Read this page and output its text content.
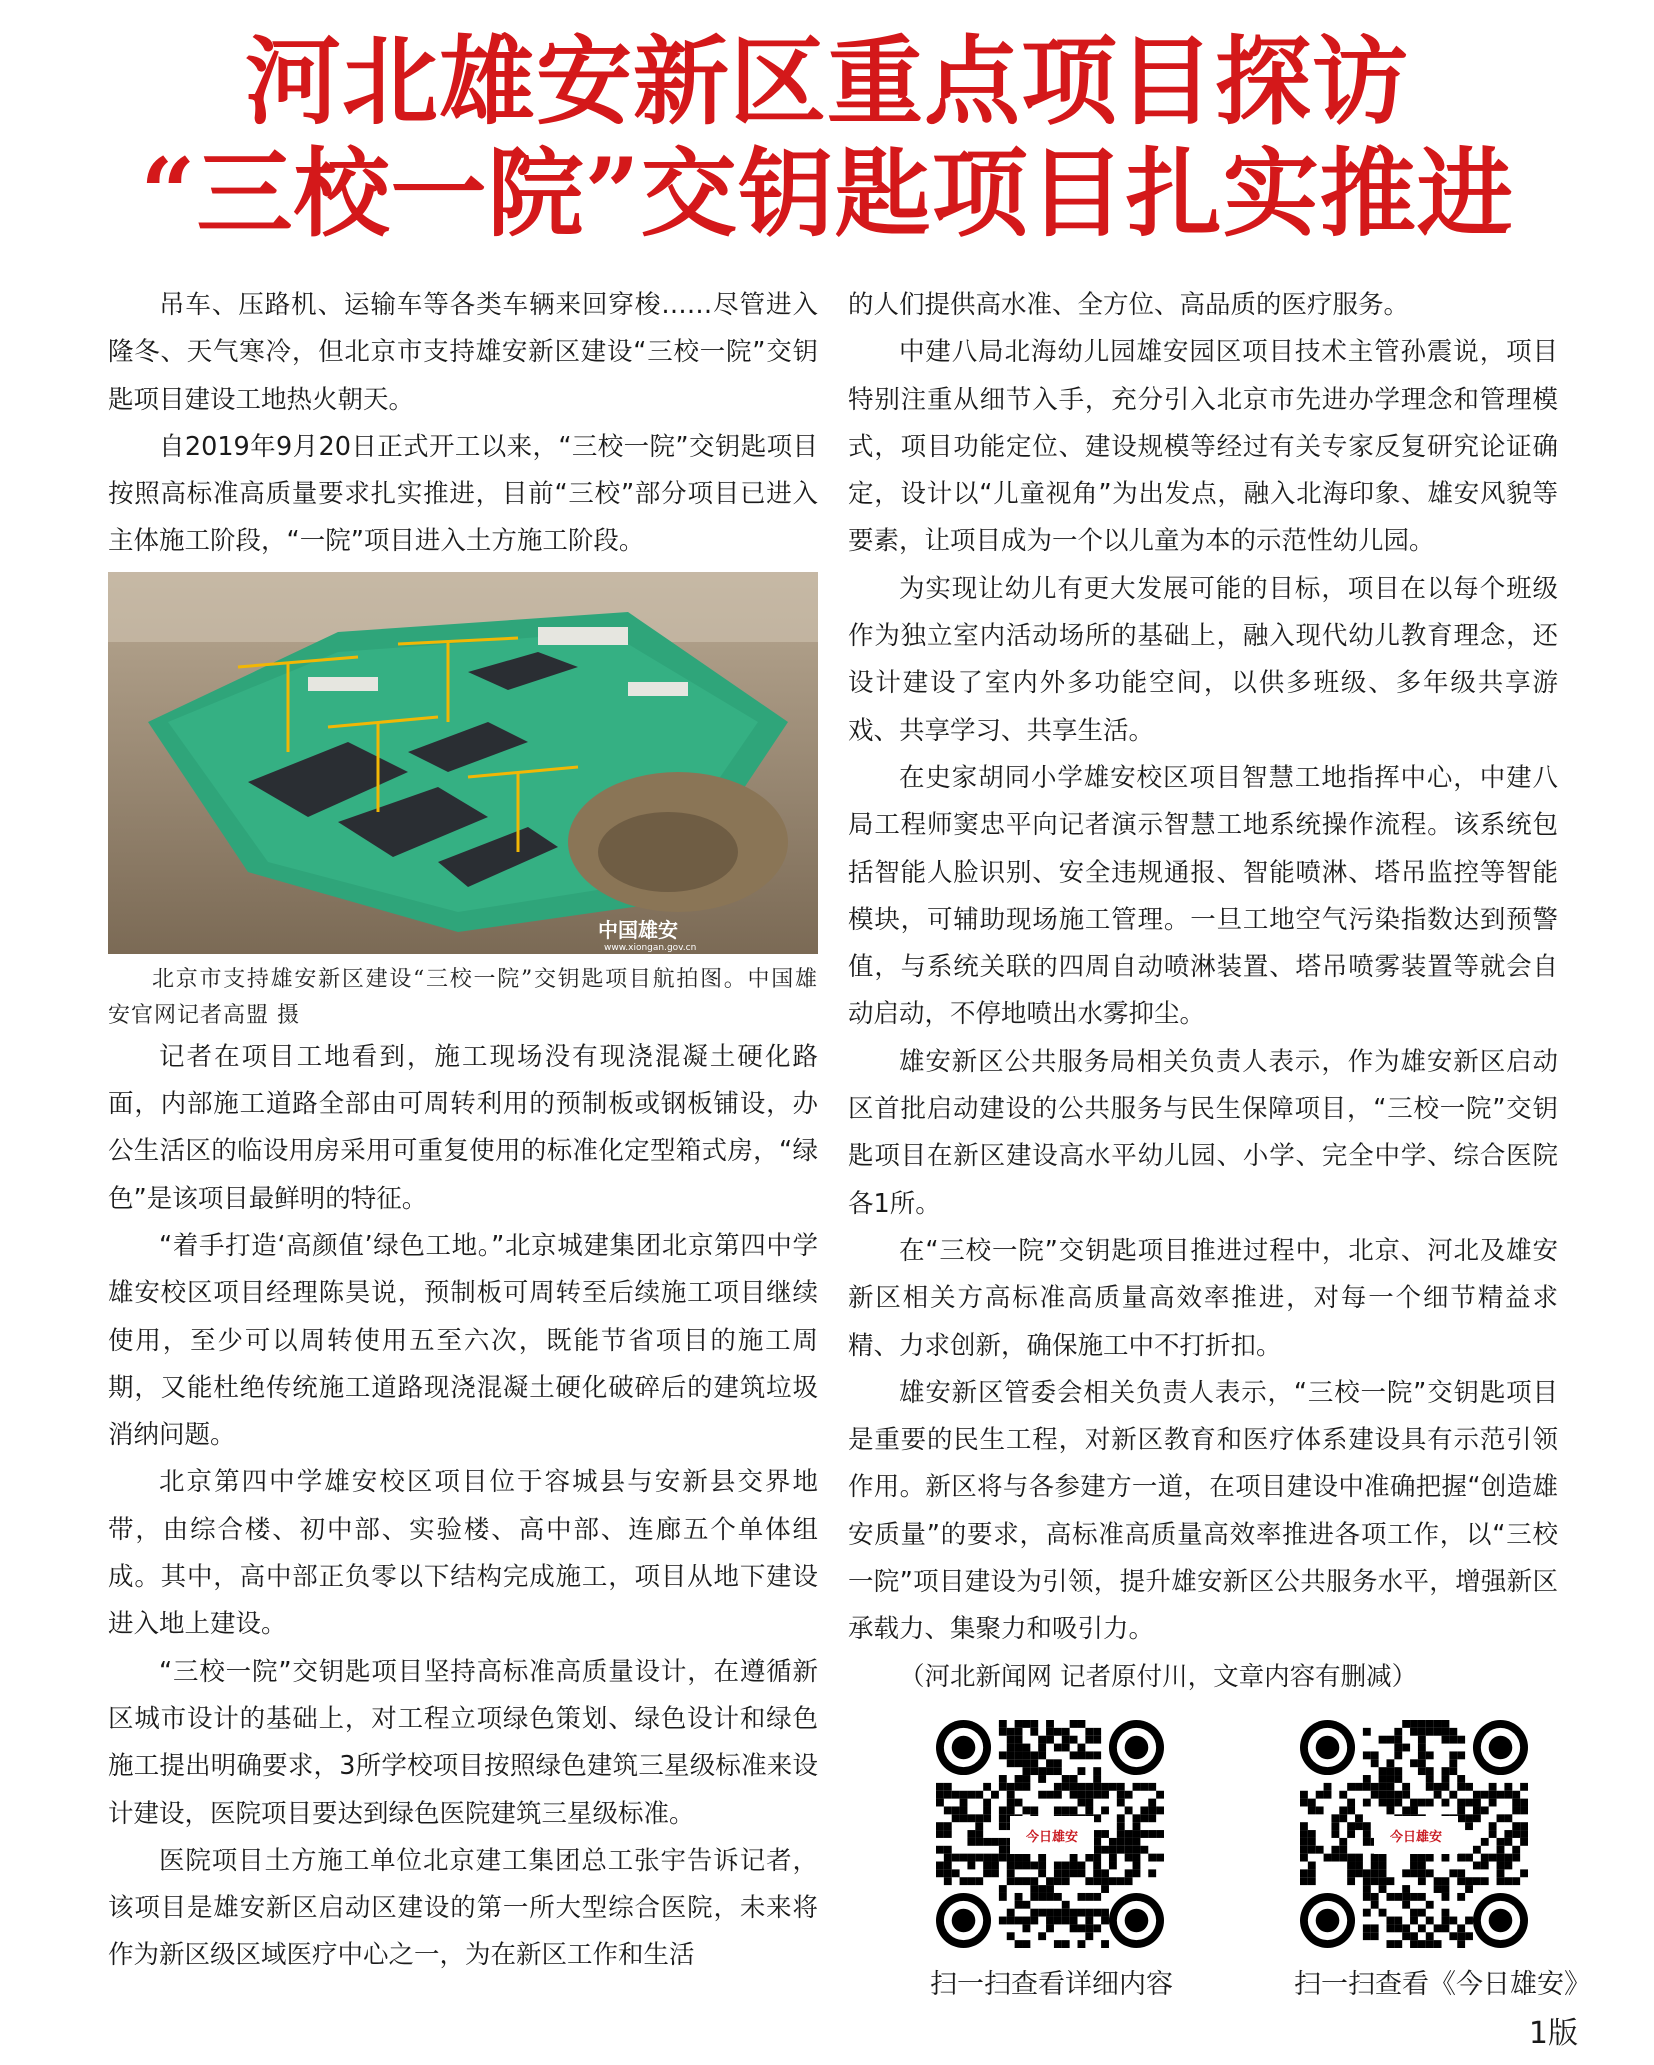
河北雄安新区重点项目探访
“三校一院”交钥匙项目扎实推进

吊车、压路机、运输车等各类车辆来回穿梭……尽管进入隆冬、天气寒冷，但北京市支持雄安新区建设“三校一院”交钥匙项目建设工地热火朝天。

自2019年9月20日正式开工以来，“三校一院”交钥匙项目按照高标准高质量要求扎实推进，目前“三校”部分项目已进入主体施工阶段，“一院”项目进入土方施工阶段。

中国雄安
www.xiongan.gov.cn

北京市支持雄安新区建设“三校一院”交钥匙项目航拍图。中国雄安官网记者高盟 摄

记者在项目工地看到，施工现场没有现浇混凝土硬化路面，内部施工道路全部由可周转利用的预制板或钢板铺设，办公生活区的临设用房采用可重复使用的标准化定型箱式房，“绿色”是该项目最鲜明的特征。

“着手打造‘高颜值’绿色工地。”北京城建集团北京第四中学雄安校区项目经理陈昊说，预制板可周转至后续施工项目继续使用，至少可以周转使用五至六次，既能节省项目的施工周期，又能杜绝传统施工道路现浇混凝土硬化破碎后的建筑垃圾消纳问题。

北京第四中学雄安校区项目位于容城县与安新县交界地带，由综合楼、初中部、实验楼、高中部、连廊五个单体组成。其中，高中部正负零以下结构完成施工，项目从地下建设进入地上建设。

“三校一院”交钥匙项目坚持高标准高质量设计，在遵循新区城市设计的基础上，对工程立项绿色策划、绿色设计和绿色施工提出明确要求，3所学校项目按照绿色建筑三星级标准来设计建设，医院项目要达到绿色医院建筑三星级标准。

医院项目土方施工单位北京建工集团总工张宇告诉记者，该项目是雄安新区启动区建设的第一所大型综合医院，未来将作为新区级区域医疗中心之一，为在新区工作和生活

的人们提供高水准、全方位、高品质的医疗服务。

中建八局北海幼儿园雄安园区项目技术主管孙震说，项目特别注重从细节入手，充分引入北京市先进办学理念和管理模式，项目功能定位、建设规模等经过有关专家反复研究论证确定，设计以“儿童视角”为出发点，融入北海印象、雄安风貌等要素，让项目成为一个以儿童为本的示范性幼儿园。

为实现让幼儿有更大发展可能的目标，项目在以每个班级作为独立室内活动场所的基础上，融入现代幼儿教育理念，还设计建设了室内外多功能空间，以供多班级、多年级共享游戏、共享学习、共享生活。

在史家胡同小学雄安校区项目智慧工地指挥中心，中建八局工程师窦忠平向记者演示智慧工地系统操作流程。该系统包括智能人脸识别、安全违规通报、智能喷淋、塔吊监控等智能模块，可辅助现场施工管理。一旦工地空气污染指数达到预警值，与系统关联的四周自动喷淋装置、塔吊喷雾装置等就会自动启动，不停地喷出水雾抑尘。

雄安新区公共服务局相关负责人表示，作为雄安新区启动区首批启动建设的公共服务与民生保障项目，“三校一院”交钥匙项目在新区建设高水平幼儿园、小学、完全中学、综合医院各1所。

在“三校一院”交钥匙项目推进过程中，北京、河北及雄安新区相关方高标准高质量高效率推进，对每一个细节精益求精、力求创新，确保施工中不打折扣。

雄安新区管委会相关负责人表示，“三校一院”交钥匙项目是重要的民生工程，对新区教育和医疗体系建设具有示范引领作用。新区将与各参建方一道，在项目建设中准确把握“创造雄安质量”的要求，高标准高质量高效率推进各项工作，以“三校一院”项目建设为引领，提升雄安新区公共服务水平，增强新区承载力、集聚力和吸引力。

（河北新闻网 记者原付川，文章内容有删减）

今日雄安
扫一扫查看详细内容
今日雄安
扫一扫查看《今日雄安》
1版
